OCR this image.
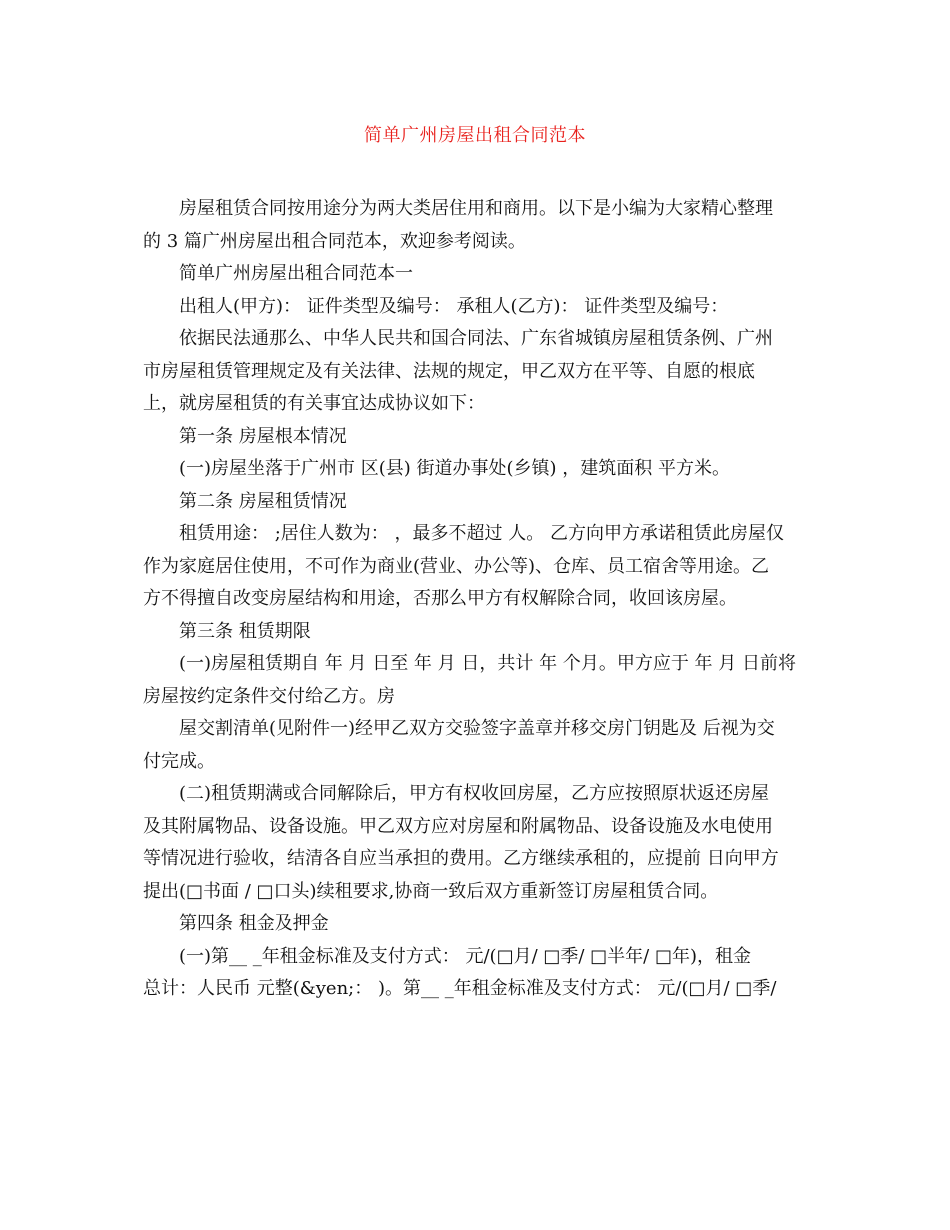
简单广州房屋出租合同范本

房屋租赁合同按用途分为两大类居住用和商用。以下是小编为大家精心整理

的 3 篇广州房屋出租合同范本，欢迎参考阅读。

简单广州房屋出租合同范本一

出租人(甲方)： 证件类型及编号： 承租人(乙方)： 证件类型及编号：

依据民法通那么、中华人民共和国合同法、广东省城镇房屋租赁条例、广州

市房屋租赁管理规定及有关法律、法规的规定，甲乙双方在平等、自愿的根底

上，就房屋租赁的有关事宜达成协议如下：

第一条 房屋根本情况

(一)房屋坐落于广州市 区(县) 街道办事处(乡镇) ，建筑面积 平方米。

第二条 房屋租赁情况

租赁用途： ;居住人数为： ，最多不超过 人。 乙方向甲方承诺租赁此房屋仅

作为家庭居住使用，不可作为商业(营业、办公等)、仓库、员工宿舍等用途。乙

方不得擅自改变房屋结构和用途，否那么甲方有权解除合同，收回该房屋。

第三条 租赁期限

(一)房屋租赁期自 年 月 日至 年 月 日，共计 年 个月。甲方应于 年 月 日前将

房屋按约定条件交付给乙方。房

屋交割清单(见附件一)经甲乙双方交验签字盖章并移交房门钥匙及 后视为交

付完成。

(二)租赁期满或合同解除后，甲方有权收回房屋，乙方应按照原状返还房屋

及其附属物品、设备设施。甲乙双方应对房屋和附属物品、设备设施及水电使用

等情况进行验收，结清各自应当承担的费用。乙方继续承租的，应提前 日向甲方

提出(□书面 / □口头)续租要求,协商一致后双方重新签订房屋租赁合同。

第四条 租金及押金

(一)第__ _年租金标准及支付方式： 元/(□月/ □季/ □半年/ □年)，租金

总计：人民币 元整(&yen;： )。第__ _年租金标准及支付方式： 元/(□月/ □季/
